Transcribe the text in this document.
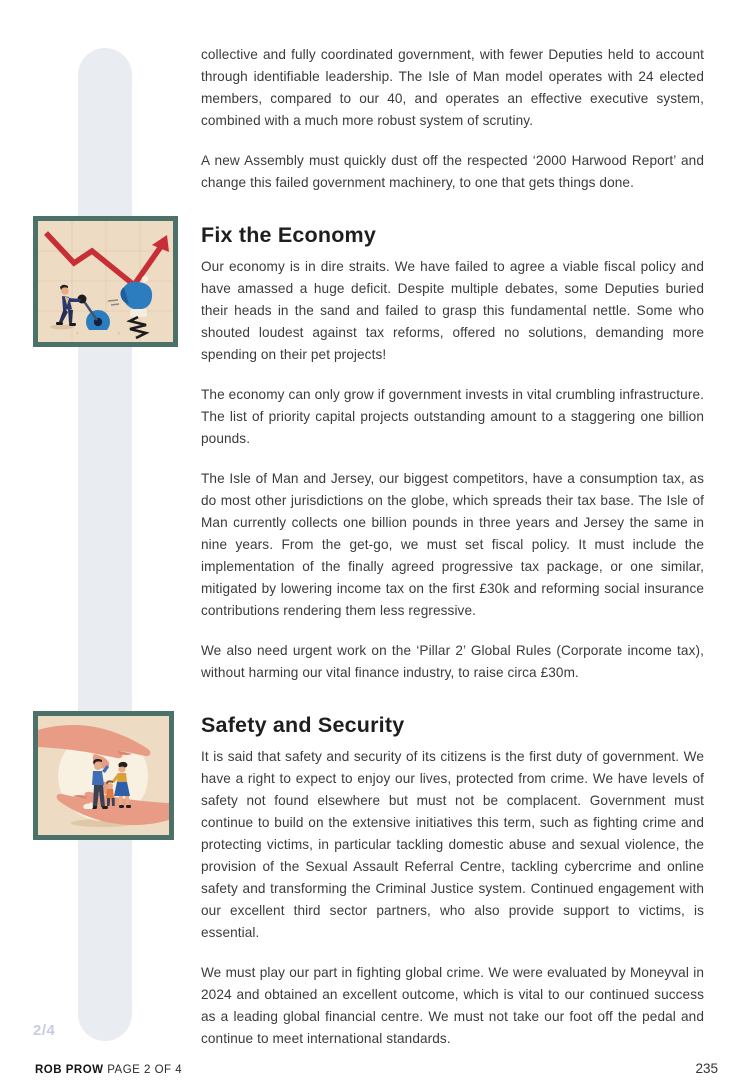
collective and fully coordinated government, with fewer Deputies held to account through identifiable leadership. The Isle of Man model operates with 24 elected members, compared to our 40, and operates an effective executive system, combined with a much more robust system of scrutiny.

A new Assembly must quickly dust off the respected ‘2000 Harwood Report’ and change this failed government machinery, to one that gets things done.

Fix the Economy

Our economy is in dire straits. We have failed to agree a viable fiscal policy and have amassed a huge deficit. Despite multiple debates, some Deputies buried their heads in the sand and failed to grasp this fundamental nettle. Some who shouted loudest against tax reforms, offered no solutions, demanding more spending on their pet projects!

The economy can only grow if government invests in vital crumbling infrastructure. The list of priority capital projects outstanding amount to a staggering one billion pounds.

The Isle of Man and Jersey, our biggest competitors, have a consumption tax, as do most other jurisdictions on the globe, which spreads their tax base. The Isle of Man currently collects one billion pounds in three years and Jersey the same in nine years. From the get-go, we must set fiscal policy. It must include the implementation of the finally agreed progressive tax package, or one similar, mitigated by lowering income tax on the first £30k and reforming social insurance contributions rendering them less regressive.

We also need urgent work on the ‘Pillar 2’ Global Rules (Corporate income tax), without harming our vital finance industry, to raise circa £30m.

Safety and Security

It is said that safety and security of its citizens is the first duty of government. We have a right to expect to enjoy our lives, protected from crime. We have levels of safety not found elsewhere but must not be complacent. Government must continue to build on the extensive initiatives this term, such as fighting crime and protecting victims, in particular tackling domestic abuse and sexual violence, the provision of the Sexual Assault Referral Centre, tackling cybercrime and online safety and transforming the Criminal Justice system. Continued engagement with our excellent third sector partners, who also provide support to victims, is essential.

We must play our part in fighting global crime. We were evaluated by Moneyval in 2024 and obtained an excellent outcome, which is vital to our continued success as a leading global financial centre. We must not take our foot off the pedal and continue to meet international standards.

2/4
ROB PROW PAGE 2 OF 4	235
